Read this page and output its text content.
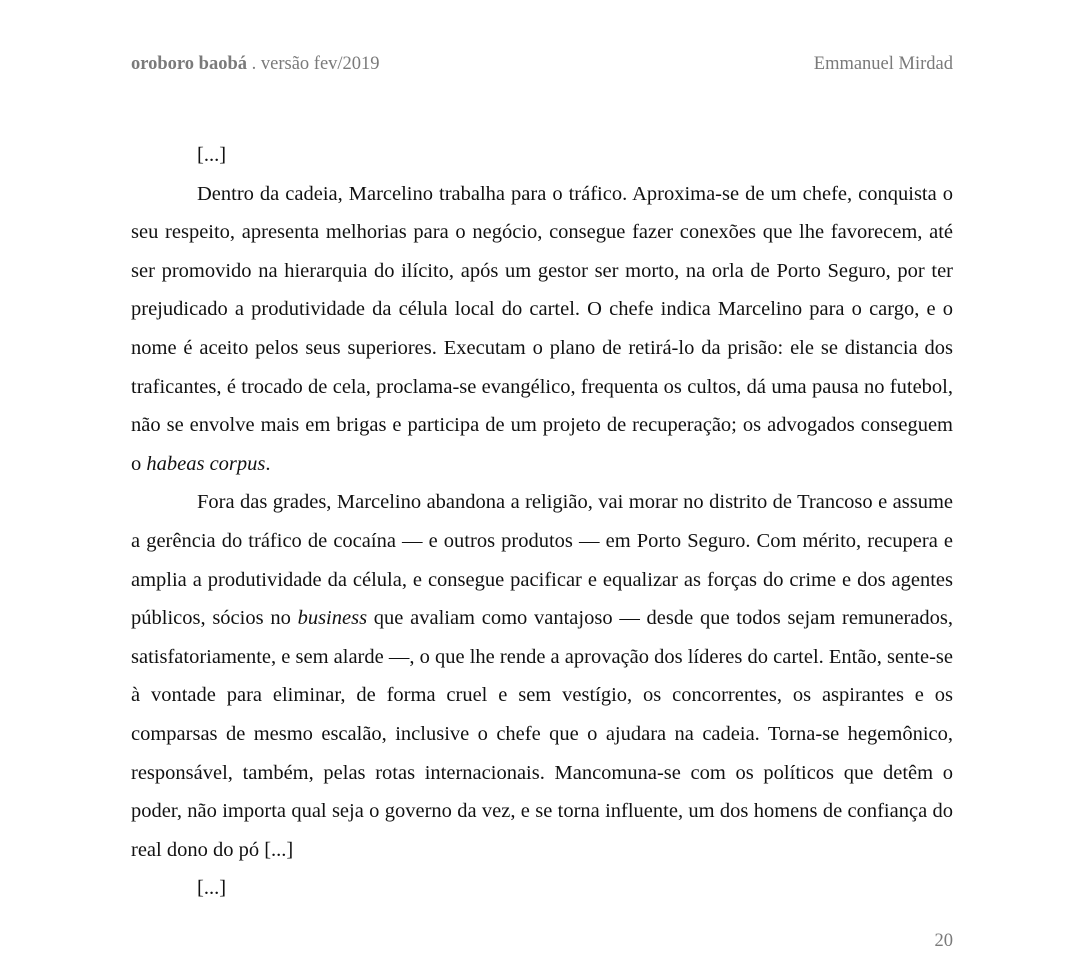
oroboro baobá . versão fev/2019	Emmanuel Mirdad

[...]

Dentro da cadeia, Marcelino trabalha para o tráfico. Aproxima-se de um chefe, conquista o seu respeito, apresenta melhorias para o negócio, consegue fazer conexões que lhe favorecem, até ser promovido na hierarquia do ilícito, após um gestor ser morto, na orla de Porto Seguro, por ter prejudicado a produtividade da célula local do cartel. O chefe indica Marcelino para o cargo, e o nome é aceito pelos seus superiores. Executam o plano de retirá-lo da prisão: ele se distancia dos traficantes, é trocado de cela, proclama-se evangélico, frequenta os cultos, dá uma pausa no futebol, não se envolve mais em brigas e participa de um projeto de recuperação; os advogados conseguem o habeas corpus.

Fora das grades, Marcelino abandona a religião, vai morar no distrito de Trancoso e assume a gerência do tráfico de cocaína — e outros produtos — em Porto Seguro. Com mérito, recupera e amplia a produtividade da célula, e consegue pacificar e equalizar as forças do crime e dos agentes públicos, sócios no business que avaliam como vantajoso — desde que todos sejam remunerados, satisfatoriamente, e sem alarde —, o que lhe rende a aprovação dos líderes do cartel. Então, sente-se à vontade para eliminar, de forma cruel e sem vestígio, os concorrentes, os aspirantes e os comparsas de mesmo escalão, inclusive o chefe que o ajudara na cadeia. Torna-se hegemônico, responsável, também, pelas rotas internacionais. Mancomuna-se com os políticos que detêm o poder, não importa qual seja o governo da vez, e se torna influente, um dos homens de confiança do real dono do pó [...]

[...]

20
